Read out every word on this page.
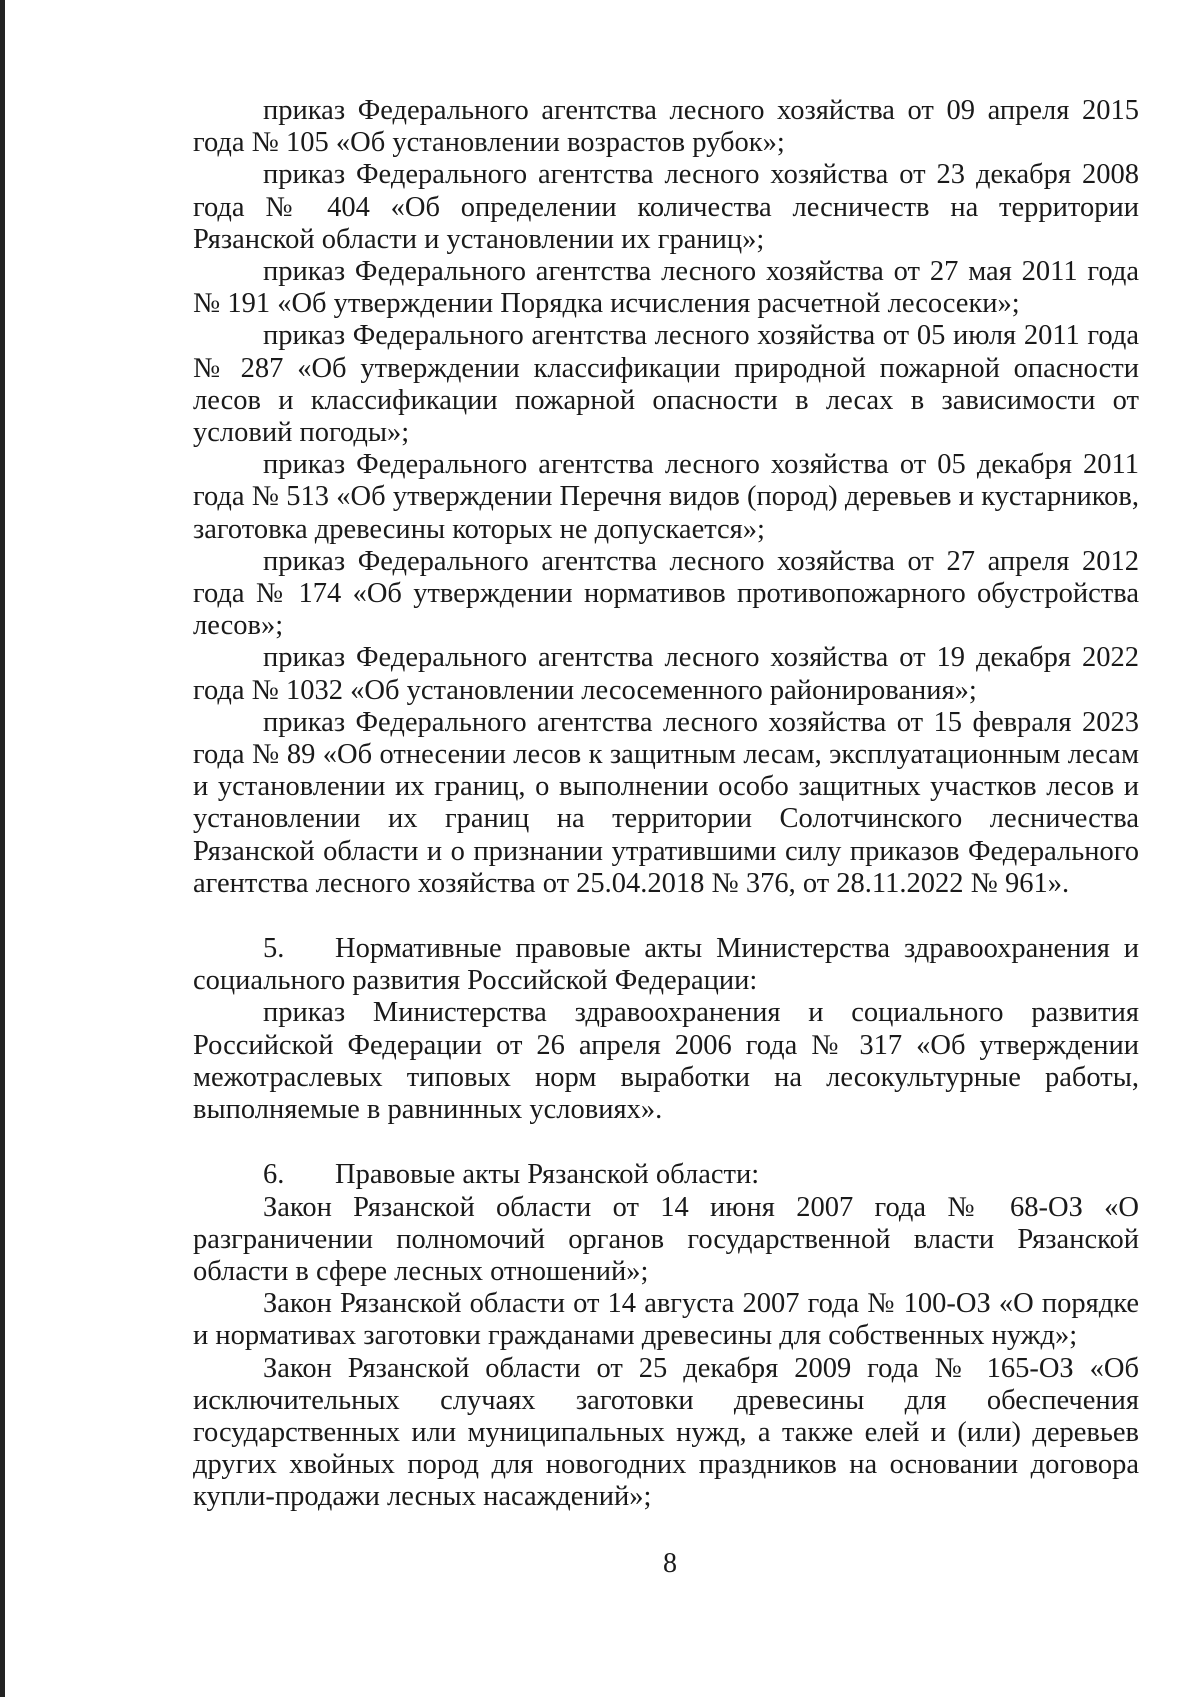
приказ Федерального агентства лесного хозяйства от 09 апреля 2015 года № 105 «Об установлении возрастов рубок»;

приказ Федерального агентства лесного хозяйства от 23 декабря 2008 года № 404 «Об определении количества лесничеств на территории Рязанской области и установлении их границ»;

приказ Федерального агентства лесного хозяйства от 27 мая 2011 года № 191 «Об утверждении Порядка исчисления расчетной лесосеки»;

приказ Федерального агентства лесного хозяйства от 05 июля 2011 года № 287 «Об утверждении классификации природной пожарной опасности лесов и классификации пожарной опасности в лесах в зависимости от условий погоды»;

приказ Федерального агентства лесного хозяйства от 05 декабря 2011 года № 513 «Об утверждении Перечня видов (пород) деревьев и кустарников, заготовка древесины которых не допускается»;

приказ Федерального агентства лесного хозяйства от 27 апреля 2012 года № 174 «Об утверждении нормативов противопожарного обустройства лесов»;

приказ Федерального агентства лесного хозяйства от 19 декабря 2022 года № 1032 «Об установлении лесосеменного районирования»;

приказ Федерального агентства лесного хозяйства от 15 февраля 2023 года № 89 «Об отнесении лесов к защитным лесам, эксплуатационным лесам и установлении их границ, о выполнении особо защитных участков лесов и установлении их границ на территории Солотчинского лесничества Рязанской области и о признании утратившими силу приказов Федерального агентства лесного хозяйства от 25.04.2018 № 376, от 28.11.2022 № 961».

5. Нормативные правовые акты Министерства здравоохранения и социального развития Российской Федерации:

приказ Министерства здравоохранения и социального развития Российской Федерации от 26 апреля 2006 года № 317 «Об утверждении межотраслевых типовых норм выработки на лесокультурные работы, выполняемые в равнинных условиях».

6. Правовые акты Рязанской области:

Закон Рязанской области от 14 июня 2007 года № 68-ОЗ «О разграничении полномочий органов государственной власти Рязанской области в сфере лесных отношений»;

Закон Рязанской области от 14 августа 2007 года № 100-ОЗ «О порядке и нормативах заготовки гражданами древесины для собственных нужд»;

Закон Рязанской области от 25 декабря 2009 года № 165-ОЗ «Об исключительных случаях заготовки древесины для обеспечения государственных или муниципальных нужд, а также елей и (или) деревьев других хвойных пород для новогодних праздников на основании договора купли-продажи лесных насаждений»;

8
